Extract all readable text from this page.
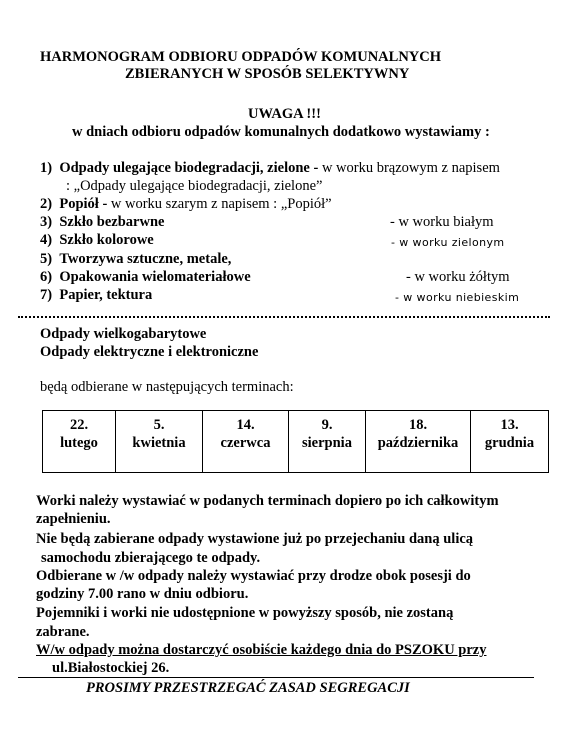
HARMONOGRAM ODBIORU ODPADÓW KOMUNALNYCH
ZBIERANYCH W SPOSÓB SELEKTYWNY
UWAGA !!!
w dniach odbioru odpadów komunalnych dodatkowo wystawiamy :
1) Odpady ulegające biodegradacji, zielone - w worku brązowym z napisem
: „Odpady ulegające biodegradacji, zielone”
2) Popiół - w worku szarym z napisem : „Popiół”
3) Szkło bezbarwne	- w worku białym
4) Szkło kolorowe	- w worku zielonym
5) Tworzywa sztuczne, metale,
6) Opakowania wielomateriałowe	- w worku żółtym
7) Papier, tektura	- w worku niebieskim
Odpady wielkogabarytowe
Odpady elektryczne i elektroniczne
będą odbierane w następujących terminach:
22.
lutego	5.
kwietnia	14.
czerwca	9.
sierpnia	18.
października	13.
grudnia
Worki należy wystawiać w podanych terminach dopiero po ich całkowitym
zapełnieniu.
Nie będą zabierane odpady wystawione już po przejechaniu daną ulicą
samochodu zbierającego te odpady.
Odbierane w /w odpady należy wystawiać przy drodze obok posesji do
godziny 7.00 rano w dniu odbioru.
Pojemniki i worki nie udostępnione w powyższy sposób, nie zostaną
zabrane.
W/w odpady można dostarczyć osobiście każdego dnia do PSZOKU przy
ul.Białostockiej 26.
PROSIMY PRZESTRZEGAĆ ZASAD SEGREGACJI
